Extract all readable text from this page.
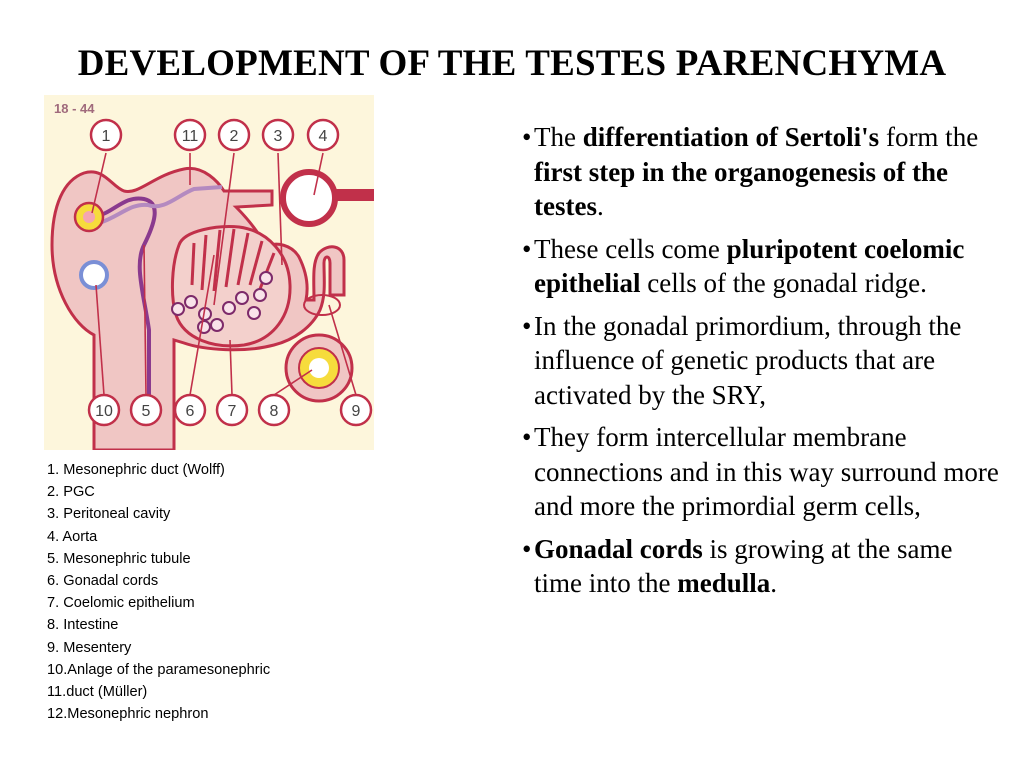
DEVELOPMENT OF THE TESTES PARENCHYMA
18 - 44
1	11 2 3 4
10 5 6 7 8	9
1. Mesonephric duct (Wolff)
2. PGC
3. Peritoneal cavity
4. Aorta
5. Mesonephric tubule
6. Gonadal cords
7. Coelomic epithelium
8. Intestine
9. Mesentery
10.Anlage of the paramesonephric
11.duct (Müller)
12.Mesonephric nephron
• The differentiation of Sertoli's form the first step in the organogenesis of the testes.
• These cells come pluripotent coelomic epithelial cells of the gonadal ridge.
• In the gonadal primordium, through the influence of genetic products that are activated by the SRY,
• They form intercellular membrane connections and in this way surround more and more the primordial germ cells,
• Gonadal cords is growing at the same time into the medulla.
